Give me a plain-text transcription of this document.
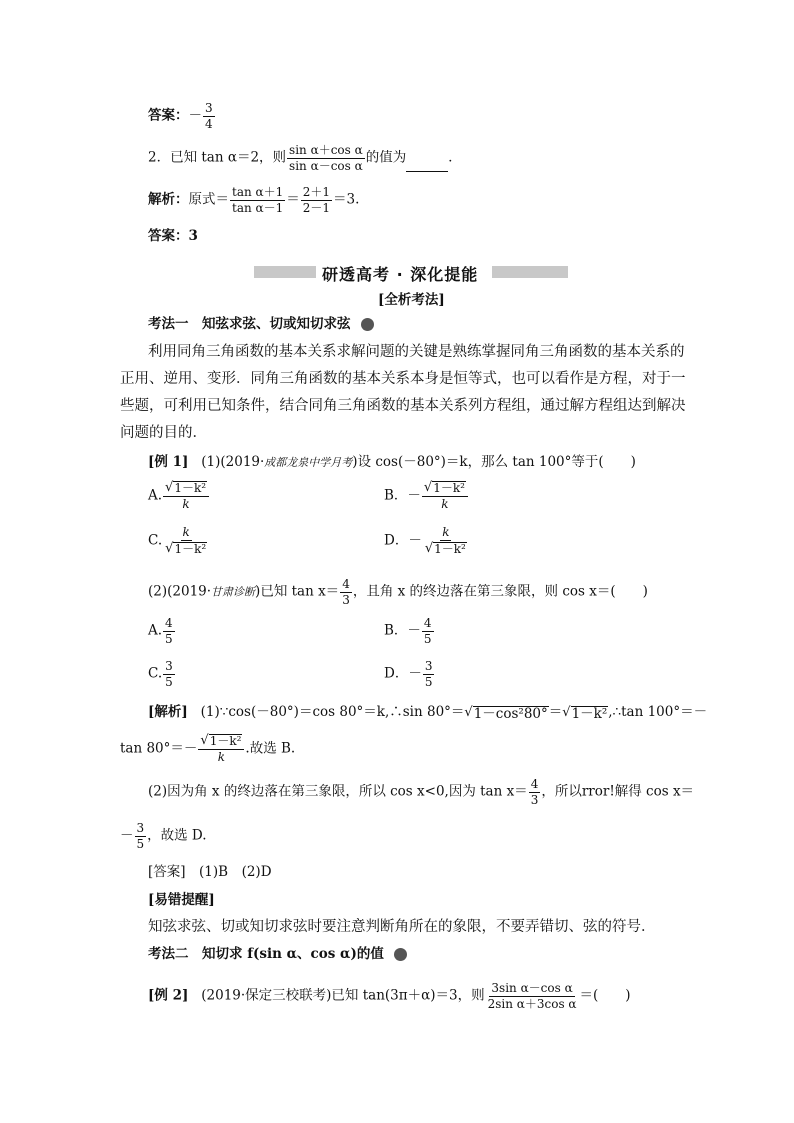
答案：－ $\frac{3}{4}$
2．已知 tan α＝2，则 $\frac{\text{sin α＋cos α}}{\text{sin α－cos α}}$ 的值为	．
解析：原式＝ $\frac{\text{tan α＋1}}{\text{tan α－1}} = \frac{2+1}{2-1} =3$.
答案：3
研透高考 · 深化提能
[全析考法]
考法一　知弦求弦、切或知切求弦
利用同角三角函数的基本关系求解问题的关键是熟练掌握同角三角函数的基本关系的
正用、逆用、变形．同角三角函数的基本关系本身是恒等式，也可以看作是方程，对于一
些题，可利用已知条件，结合同角三角函数的基本关系列方程组，通过解方程组达到解决
问题的目的．
[例 1] (1)(2019·成都龙泉中学月考)设 cos(－80°)＝k，那么 tan 100°等于(　　)
A. $\frac{\text{√ 1－k²}}{k}$	B．－ $\frac{\text{√ 1－k²}}{k}$
C. $\frac{k}{\text{√ 1－k²}}$	D．－ $\frac{k}{\text{√ 1－k²}}$
(2)(2019·甘肃诊断)已知 $\tan x= \frac{4}{3}$ ，且角 x 的终边落在第三象限，则 cos x＝(　　)
A. $\frac{4}{5}$	B．－ $\frac{4}{5}$
C. $\frac{3}{5}$	D．－ $\frac{3}{5}$
[解析] (1)∵cos(－80°)＝cos 80°＝k,∴sin 80°＝ √ 1－cos²80° ＝ √ 1－k² ,∴tan 100°＝－
$\tan 80^\circ=- \frac{\text{√ 1－k²}}{k}$ .故选 B.
(2)因为角 x 的终边落在第三象限，所以 cos x<0,因为 $\tan x= \frac{4}{3}$ ，所以rror!解得 cos x＝
－ $\frac{3}{5}$ ，故选 D.
[答案]　(1)B　(2)D
[易错提醒]
知弦求弦、切或知切求弦时要注意判断角所在的象限，不要弄错切、弦的符号．
考法二　知切求 f(sin α、cos α)的值
[例 2] (2019·保定三校联考)已知 tan(3π＋α)＝3，则 $\frac{\text{3sin α－cos α}}{\text{2sin α＋3cos α}}$ ＝(　　)
